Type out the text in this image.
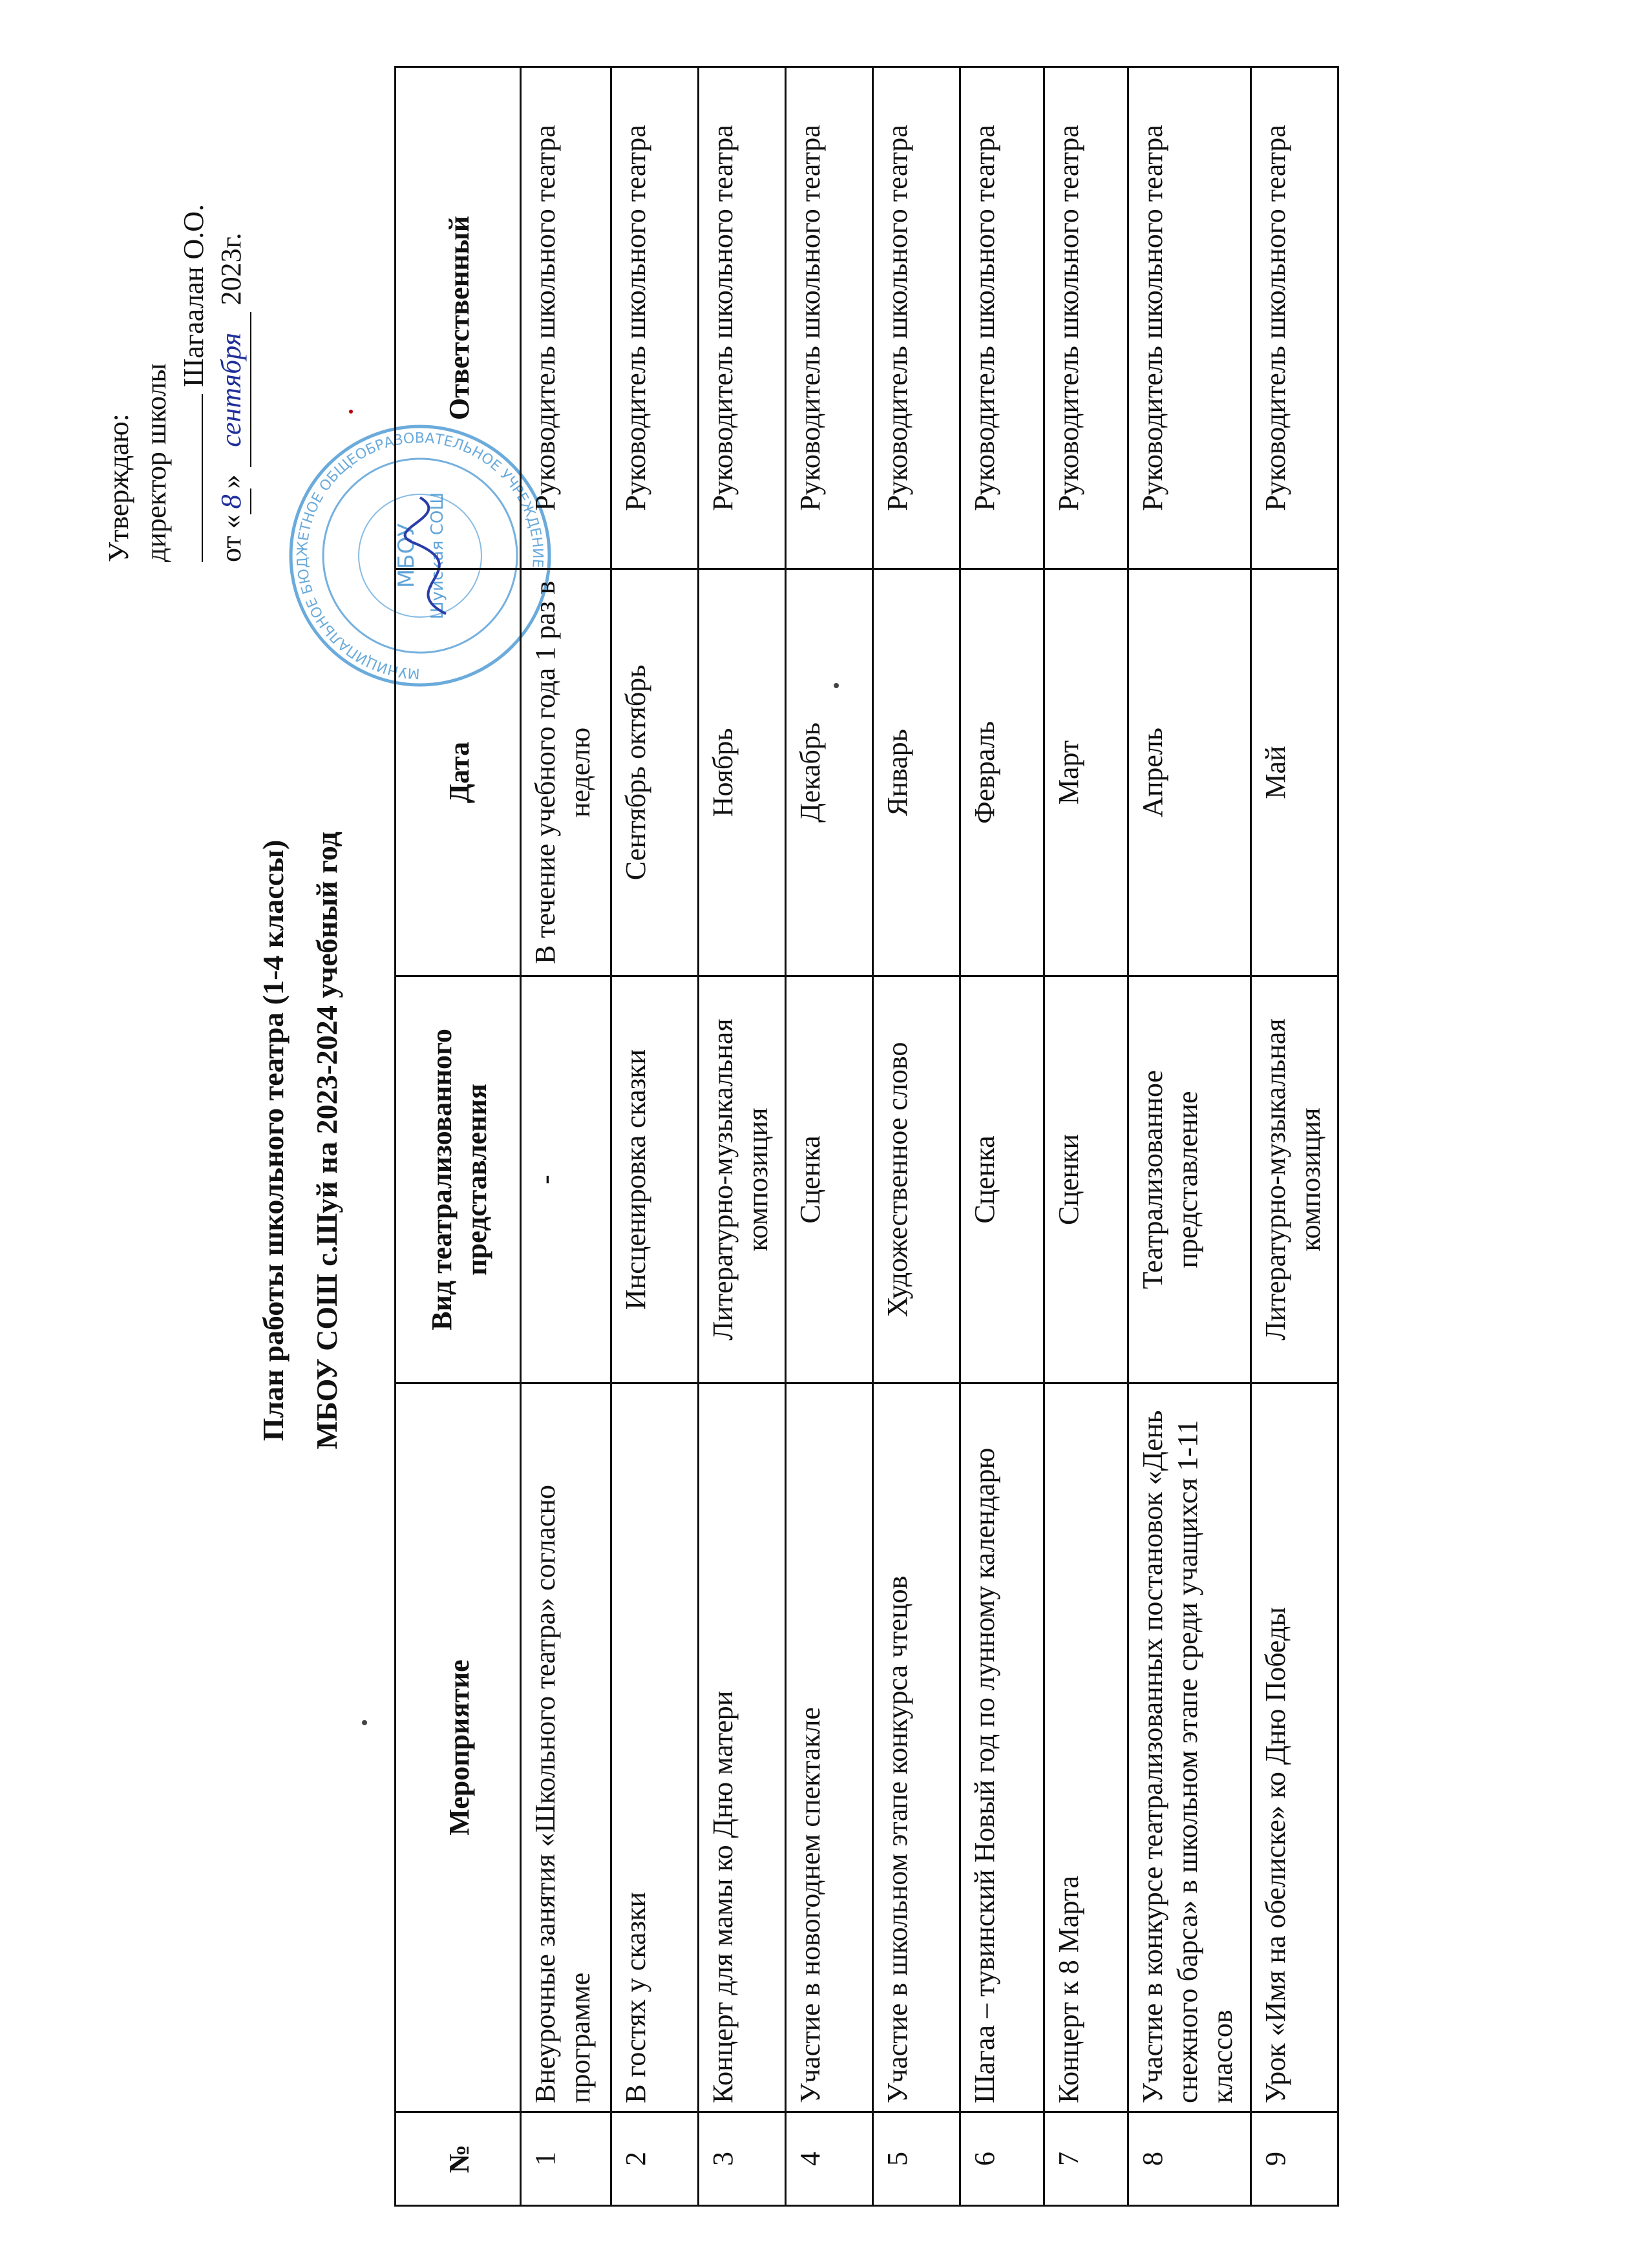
МУНИЦИПАЛЬНОЕ БЮДЖЕТНОЕ ОБЩЕОБРАЗОВАТЕЛЬНОЕ УЧРЕЖДЕНИЕ
МБОУ Шуйская СОШ
Утверждаю: директор школы
Шагаалан О.О.
от «8» сентября 2023г.
План работы школьного театра (1-4 классы) МБОУ СОШ с.Шуй на 2023-2024 учебный год
№	Мероприятие	Вид театрализованного представления	Дата	Ответственный
1	Внеурочные занятия «Школьного театра» согласно программе	-	В течение учебного года 1 раз в неделю	Руководитель школьного театра
2	В гостях у сказки	Инсценировка сказки	Сентябрь октябрь	Руководитель школьного театра
3	Концерт для мамы ко Дню матери	Литературно-музыкальная композиция	Ноябрь	Руководитель школьного театра
4	Участие в новогоднем спектакле	Сценка	Декабрь	Руководитель школьного театра
5	Участие в школьном этапе конкурса чтецов	Художественное слово	Январь	Руководитель школьного театра
6	Шагаа – тувинский Новый год по лунному календарю	Сценка	Февраль	Руководитель школьного театра
7	Концерт к 8 Марта	Сценки	Март	Руководитель школьного театра
8	Участие в конкурсе театрализованных постановок «День снежного барса» в школьном этапе среди учащихся 1-11 классов	Театрализованное представление	Апрель	Руководитель школьного театра
9	Урок «Имя на обелиске» ко Дню Победы	Литературно-музыкальная композиция	Май	Руководитель школьного театра
